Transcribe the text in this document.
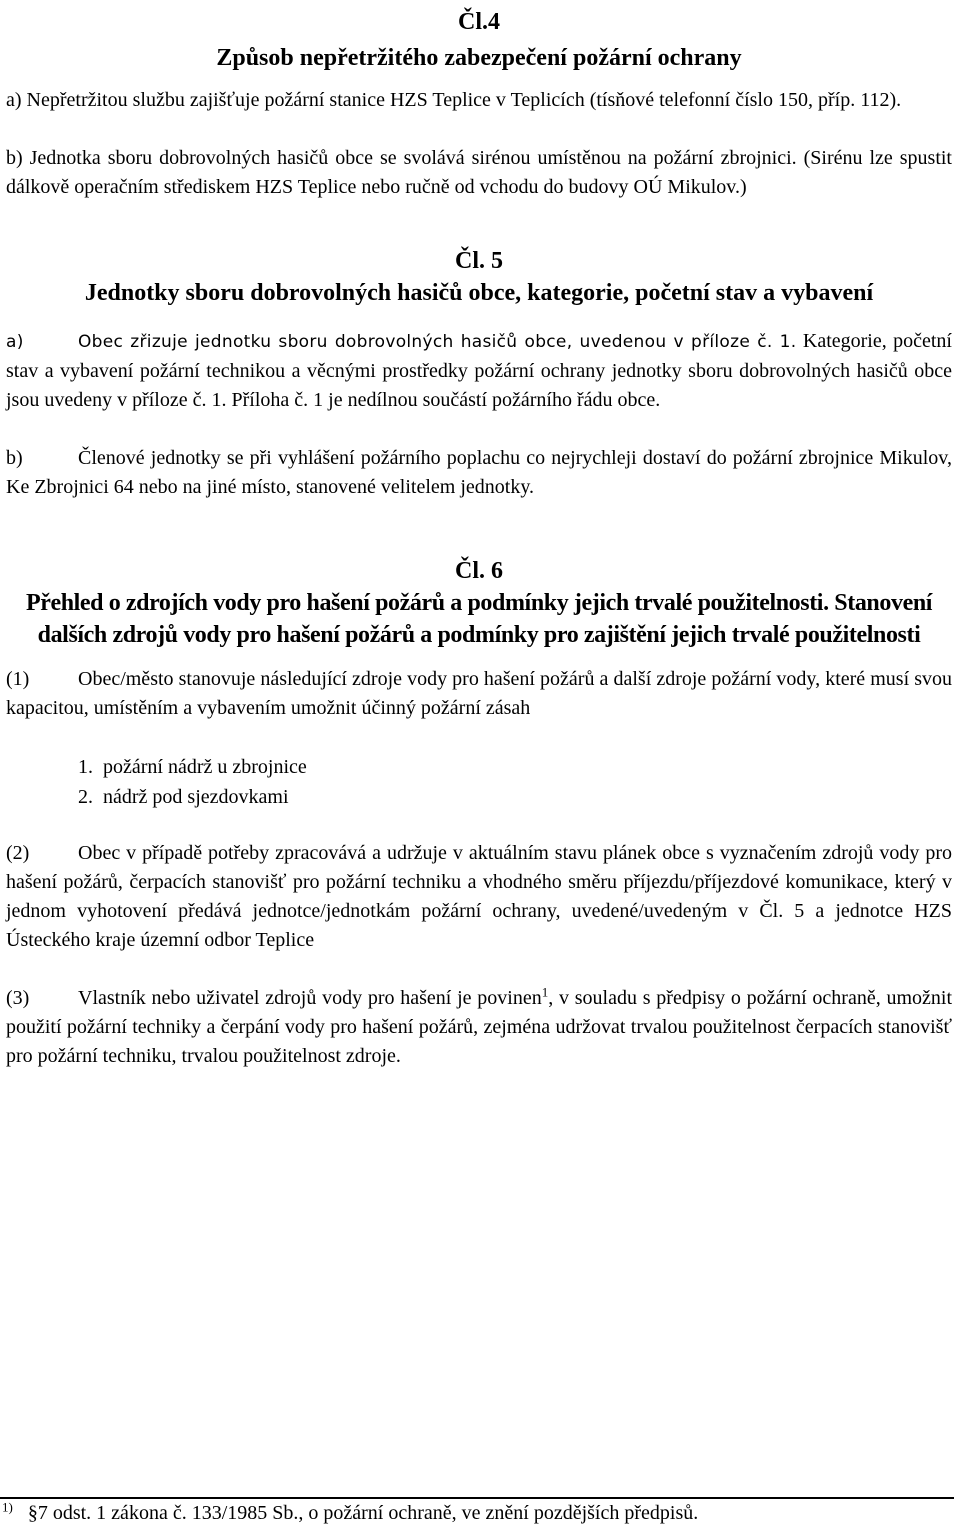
Čl.4
Způsob nepřetržitého zabezpečení požární ochrany

a) Nepřetržitou službu zajišťuje požární stanice HZS Teplice v Teplicích (tísňové telefonní číslo 150, příp. 112).

b) Jednotka sboru dobrovolných hasičů obce se svolává sirénou umístěnou na požární zbrojnici. (Sirénu lze spustit dálkově operačním střediskem HZS Teplice nebo ručně od vchodu do budovy OÚ Mikulov.)

Čl. 5
Jednotky sboru dobrovolných hasičů obce, kategorie, početní stav a vybavení

a)	Obec zřizuje jednotku sboru dobrovolných hasičů obce, uvedenou v příloze č. 1. Kategorie, početní stav a vybavení požární technikou a věcnými prostředky požární ochrany jednotky sboru dobrovolných hasičů obce jsou uvedeny v příloze č. 1. Příloha č. 1 je nedílnou součástí požárního řádu obce.

b)	Členové jednotky se při vyhlášení požárního poplachu co nejrychleji dostaví do požární zbrojnice Mikulov, Ke Zbrojnici 64 nebo na jiné místo, stanovené velitelem jednotky.

Čl. 6
Přehled o zdrojích vody pro hašení požárů a podmínky jejich trvalé použitelnosti. Stanovení dalších zdrojů vody pro hašení požárů a podmínky pro zajištění jejich trvalé použitelnosti

(1) Obec/město stanovuje následující zdroje vody pro hašení požárů a další zdroje požární vody, které musí svou kapacitou, umístěním a vybavením umožnit účinný požární zásah

1. požární nádrž u zbrojnice
2. nádrž pod sjezdovkami

(2) Obec v případě potřeby zpracovává a udržuje v aktuálním stavu plánek obce s vyznačením zdrojů vody pro hašení požárů, čerpacích stanovišť pro požární techniku a vhodného směru příjezdu/příjezdové komunikace, který v jednom vyhotovení předává jednotce/jednotkám požární ochrany, uvedené/uvedeným v Čl. 5 a jednotce HZS Ústeckého kraje územní odbor Teplice

(3) Vlastník nebo uživatel zdrojů vody pro hašení je povinen$^1$, v souladu s předpisy o požární ochraně, umožnit použití požární techniky a čerpání vody pro hašení požárů, zejména udržovat trvalou použitelnost čerpacích stanovišť pro požární techniku, trvalou použitelnost zdroje.

$^{1)}$ §7 odst. 1 zákona č. 133/1985 Sb., o požární ochraně, ve znění pozdějších předpisů.
